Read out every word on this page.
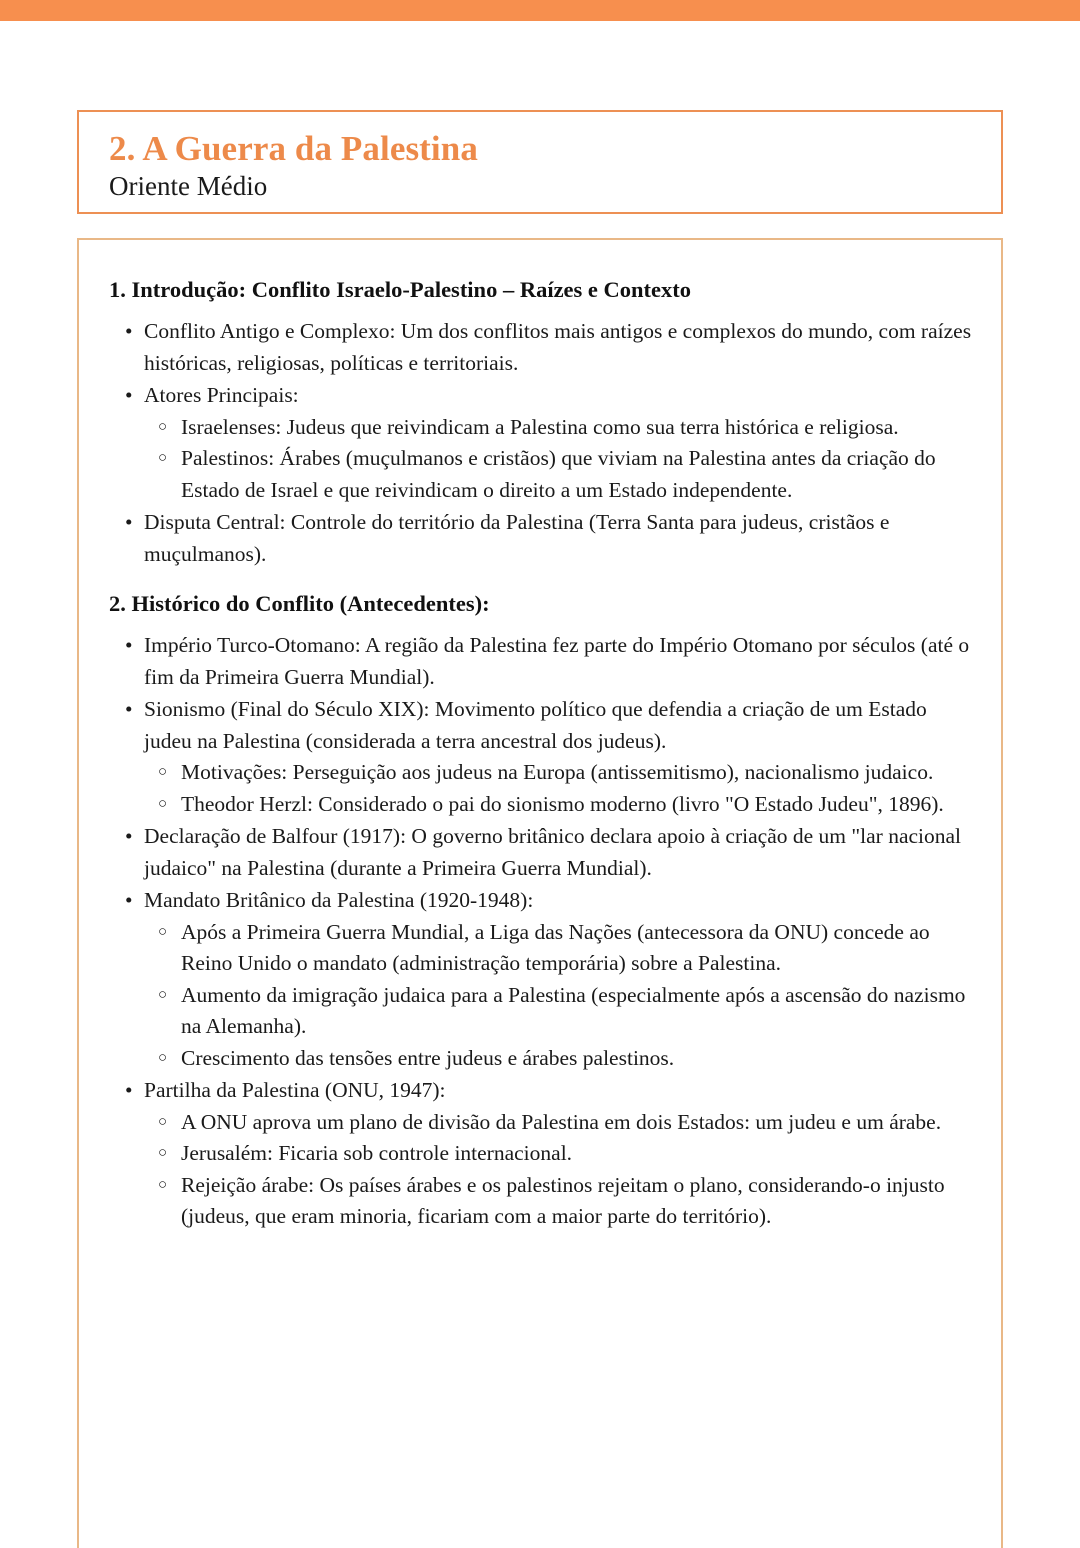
2. A Guerra da Palestina
Oriente Médio
1. Introdução: Conflito Israelo-Palestino – Raízes e Contexto
• Conflito Antigo e Complexo: Um dos conflitos mais antigos e complexos do mundo, com raízes históricas, religiosas, políticas e territoriais.
• Atores Principais:
○ Israelenses: Judeus que reivindicam a Palestina como sua terra histórica e religiosa.
○ Palestinos: Árabes (muçulmanos e cristãos) que viviam na Palestina antes da criação do Estado de Israel e que reivindicam o direito a um Estado independente.
• Disputa Central: Controle do território da Palestina (Terra Santa para judeus, cristãos e muçulmanos).
2. Histórico do Conflito (Antecedentes):
• Império Turco-Otomano: A região da Palestina fez parte do Império Otomano por séculos (até o fim da Primeira Guerra Mundial).
• Sionismo (Final do Século XIX): Movimento político que defendia a criação de um Estado judeu na Palestina (considerada a terra ancestral dos judeus).
○ Motivações: Perseguição aos judeus na Europa (antissemitismo), nacionalismo judaico.
○ Theodor Herzl: Considerado o pai do sionismo moderno (livro "O Estado Judeu", 1896).
• Declaração de Balfour (1917): O governo britânico declara apoio à criação de um "lar nacional judaico" na Palestina (durante a Primeira Guerra Mundial).
• Mandato Britânico da Palestina (1920-1948):
○ Após a Primeira Guerra Mundial, a Liga das Nações (antecessora da ONU) concede ao Reino Unido o mandato (administração temporária) sobre a Palestina.
○ Aumento da imigração judaica para a Palestina (especialmente após a ascensão do nazismo na Alemanha).
○ Crescimento das tensões entre judeus e árabes palestinos.
• Partilha da Palestina (ONU, 1947):
○ A ONU aprova um plano de divisão da Palestina em dois Estados: um judeu e um árabe.
○ Jerusalém: Ficaria sob controle internacional.
○ Rejeição árabe: Os países árabes e os palestinos rejeitam o plano, considerando-o injusto (judeus, que eram minoria, ficariam com a maior parte do território).
